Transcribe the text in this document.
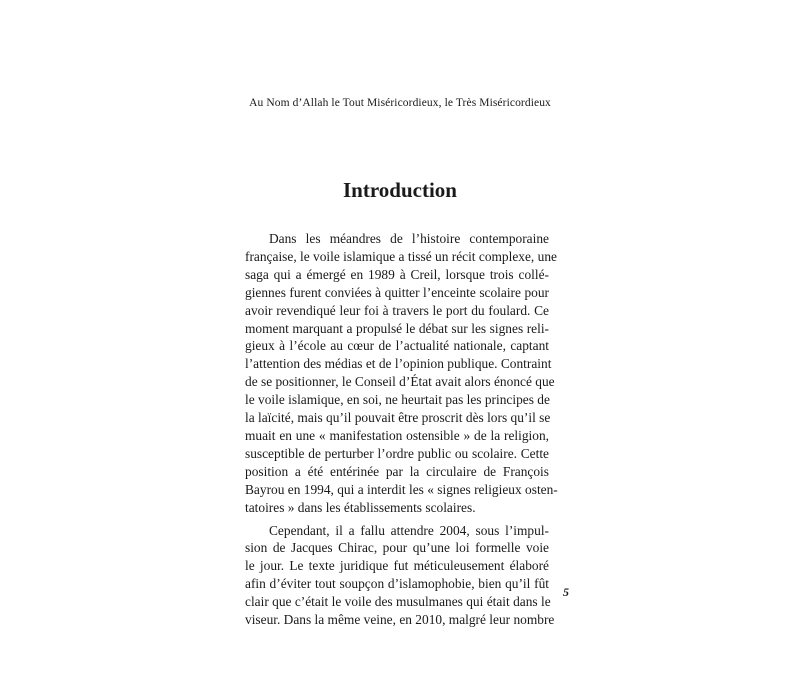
Au Nom d’Allah le Tout Miséricordieux, le Très Miséricordieux
Introduction

Dans les méandres de l’histoire contemporaine
française, le voile islamique a tissé un récit complexe, une
saga qui a émergé en 1989 à Creil, lorsque trois collé-
giennes furent conviées à quitter l’enceinte scolaire pour
avoir revendiqué leur foi à travers le port du foulard. Ce
moment marquant a propulsé le débat sur les signes reli-
gieux à l’école au cœur de l’actualité nationale, captant
l’attention des médias et de l’opinion publique. Contraint
de se positionner, le Conseil d’État avait alors énoncé que
le voile islamique, en soi, ne heurtait pas les principes de
la laïcité, mais qu’il pouvait être proscrit dès lors qu’il se
muait en une « manifestation ostensible » de la religion,
susceptible de perturber l’ordre public ou scolaire. Cette
position a été entérinée par la circulaire de François
Bayrou en 1994, qui a interdit les « signes religieux osten-
tatoires » dans les établissements scolaires.

Cependant, il a fallu attendre 2004, sous l’impul-
sion de Jacques Chirac, pour qu’une loi formelle voie
le jour. Le texte juridique fut méticuleusement élaboré
afin d’éviter tout soupçon d’islamophobie, bien qu’il fût
clair que c’était le voile des musulmanes qui était dans le
viseur. Dans la même veine, en 2010, malgré leur nombre

5
